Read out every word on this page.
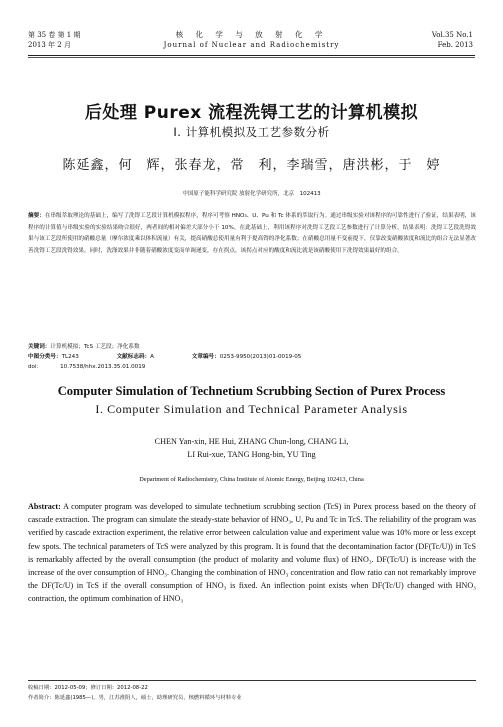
第 35 卷 第 1 期
2013 年 2 月
核 化 学 与 放 射 化 学
Journal of Nuclear and Radiochemistry
Vol.35 No.1
Feb. 2013
后处理 Purex 流程洗锝工艺的计算机模拟
I. 计算机模拟及工艺参数分析
陈延鑫，何　辉，张春龙，常　利，李瑞雪，唐洪彬，于　婷
中国原子能科学研究院 放射化学研究所，北京　102413
摘要：在串级萃取理论的基础上，编写了洗锝工艺段计算机模拟程序，程序可考察 HNO₃、U、Pu 和 Tc 体系的萃取行为。通过串级实验对该程序的可靠性进行了验证，结果表明，该程序的计算值与串级实验的实验结果吻合很好，两者间的相对偏差大部分小于 10%。在此基础上，利用该程序对洗锝工艺段工艺参数进行了计算分析，结果表明：洗锝工艺段洗锝效果与该工艺段所使用的硝酸总量（摩尔浓度乘以体积流量）有关，提高硝酸总使用量有利于提高锝的净化系数；在硝酸总用量不变前提下，仅靠改变硝酸浓度和流比的组合无法显著改善洗锝工艺段洗锝效果，同时，洗涤效果并非随着硝酸浓度变而单调递变，存在拐点，该拐点对应的酸度和流比就是该硝酸使用下洗锝效果最好的组合。
关键词：计算机模拟；TcS 工艺段；净化系数
中图分类号：TL243	文献标志码：A	文章编号：0253-9950(2013)01-0019-05
doi：	10.7538/hhx.2013.35.01.0019
Computer Simulation of Technetium Scrubbing Section of Purex Process
I. Computer Simulation and Technical Parameter Analysis
CHEN Yan-xin, HE Hui, ZHANG Chun-long, CHANG Li,
LI Rui-xue, TANG Hong-bin, YU Ting
Department of Radiochemistry, China Institute of Atomic Energy, Beijing 102413, China
Abstract: A computer program was developed to simulate technetium scrubbing section (TcS) in Purex process based on the theory of cascade extraction. The program can simulate the steady-state behavior of HNO₃, U, Pu and Tc in TcS. The reliability of the program was verified by cascade extraction experiment, the relative error between calculation value and experiment value was 10% more or less except few spots. The technical parameters of TcS were analyzed by this program. It is found that the decontamination factor (DF(Tc/U)) in TcS is remarkably affected by the overall consumption (the product of molarity and volume flux) of HNO₃. DF(Tc/U) is increase with the increase of the over consumption of HNO₃. Changing the combination of HNO₃ concentration and flow ratio can not remarkably improve the DF(Tc/U) in TcS if the overall consumption of HNO₃ is fixed. An inflection point exists when DF(Tc/U) changed with HNO₃ contraction, the optimum combination of HNO₃
收稿日期：2012-05-09；修订日期：2012-08-22
作者简介：陈延鑫(1985—)，男，江苏淮阴人，硕士，助理研究员，核燃料循环与材料专业
